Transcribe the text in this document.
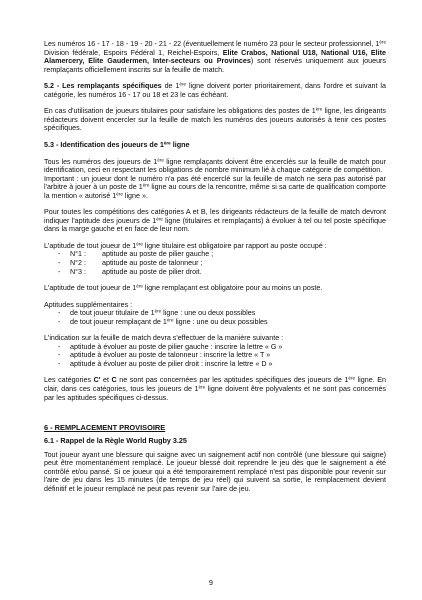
Les numéros 16 - 17 - 18 - 19 - 20 - 21 - 22 (éventuellement le numéro 23 pour le secteur professionnel, 1ère Division fédérale, Espoirs Fédéral 1, Reichel-Espoirs, Elite Crabos, National U18, National U16, Elite Alamercery, Elite Gaudermen, Inter-secteurs ou Provinces) sont réservés uniquement aux joueurs remplaçants officiellement inscrits sur la feuille de match.

5.2 - Les remplaçants spécifiques de 1ère ligne doivent porter prioritairement, dans l'ordre et suivant la catégorie, les numéros 16 - 17 ou 18 et 23 le cas échéant.

En cas d'utilisation de joueurs titulaires pour satisfaire les obligations des postes de 1ère ligne, les dirigeants rédacteurs doivent encercler sur la feuille de match les numéros des joueurs autorisés à tenir ces postes spécifiques.

5.3 - Identification des joueurs de 1ère ligne

Tous les numéros des joueurs de 1ère ligne remplaçants doivent être encerclés sur la feuille de match pour identification, ceci en respectant les obligations de nombre minimum lié à chaque catégorie de compétition.
Important : un joueur dont le numéro n'a pas été encerclé sur la feuille de match ne sera pas autorisé par l'arbitre à jouer à un poste de 1ère ligne au cours de la rencontre, même si sa carte de qualification comporte la mention « autorisé 1ère ligne ».

Pour toutes les compétitions des catégories A et B, les dirigeants rédacteurs de la feuille de match devront indiquer l'aptitude des joueurs de 1ère ligne (titulaires et remplaçants) à évoluer à tel ou tel poste spécifique dans la marge gauche et en face de leur nom.

L'aptitude de tout joueur de 1ère ligne titulaire est obligatoire par rapport au poste occupé :

-	N°1 :	aptitude au poste de pilier gauche ;
-	N°2 :	aptitude au poste de talonneur ;
-	N°3 :	aptitude au poste de pilier droit.

L'aptitude de tout joueur de 1ère ligne remplaçant est obligatoire pour au moins un poste.

Aptitudes supplémentaires :

-	de tout joueur titulaire de 1ère ligne : une ou deux possibles
-	de tout joueur remplaçant de 1ère ligne : une ou deux possibles

L'indication sur la feuille de match devra s'effectuer de la manière suivante :

-	aptitude à évoluer au poste de pilier gauche : inscrire la lettre « G »
-	aptitude à évoluer au poste de talonneur : inscrire la lettre « T »
-	aptitude à évoluer au poste de pilier droit : inscrire la lettre « D »

Les catégories C' et C ne sont pas concernées par les aptitudes spécifiques des joueurs de 1ère ligne. En clair, dans ces catégories, tous les joueurs de 1ère ligne doivent être polyvalents et ne sont pas concernés par les aptitudes spécifiques ci-dessus.

6 - REMPLACEMENT PROVISOIRE
6.1 - Rappel de la Règle World Rugby 3.25

Tout joueur ayant une blessure qui saigne avec un saignement actif non contrôlé (une blessure qui saigne) peut être momentanément remplacé. Le joueur blessé doit reprendre le jeu dès que le saignement a été contrôlé et/ou pansé. Si ce joueur qui a été temporairement remplacé n'est pas disponible pour revenir sur l'aire de jeu dans les 15 minutes (de temps de jeu réel) qui suivent sa sortie, le remplacement devient définitif et le joueur remplacé ne peut pas revenir sur l'aire de jeu.

9
